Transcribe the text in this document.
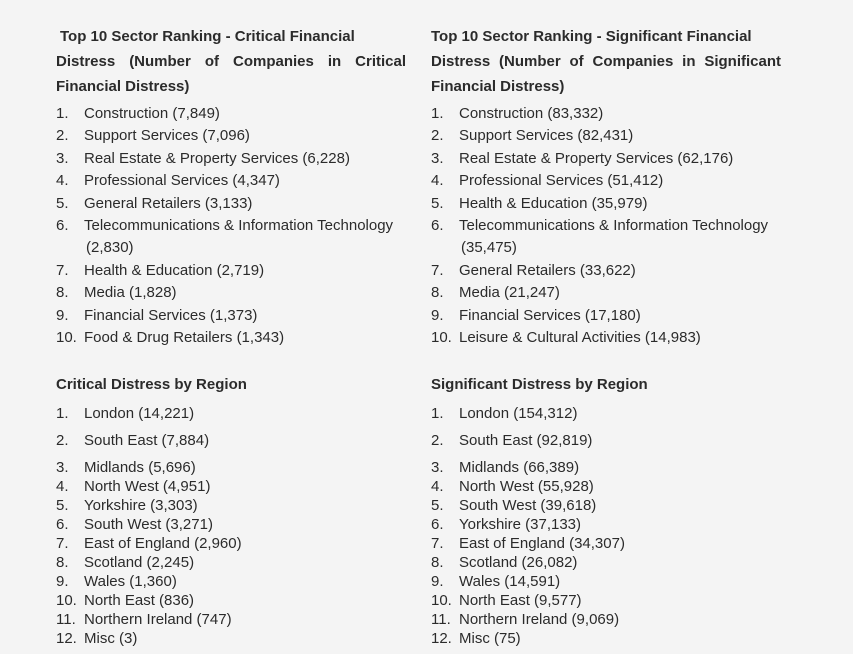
Top 10 Sector Ranking - Critical Financial
Distress (Number of Companies in Critical
Financial Distress)

1. Construction (7,849)
2. Support Services (7,096)
3. Real Estate & Property Services (6,228)
4. Professional Services (4,347)
5. General Retailers (3,133)
6. Telecommunications & Information Technology
(2,830)
7. Health & Education (2,719)
8. Media (1,828)
9. Financial Services (1,373)
10. Food & Drug Retailers (1,343)
Critical Distress by Region
1. London (14,221)
2. South East (7,884)
3. Midlands (5,696)
4. North West (4,951)
5. Yorkshire (3,303)
6. South West (3,271)
7. East of England (2,960)
8. Scotland (2,245)
9. Wales (1,360)
10. North East (836)
11. Northern Ireland (747)
12. Misc (3)

Top 10 Sector Ranking - Significant Financial
Distress (Number of Companies in Significant
Financial Distress)

1. Construction (83,332)
2. Support Services (82,431)
3. Real Estate & Property Services (62,176)
4. Professional Services (51,412)
5. Health & Education (35,979)
6. Telecommunications & Information Technology
(35,475)
7. General Retailers (33,622)
8. Media (21,247)
9. Financial Services (17,180)
10. Leisure & Cultural Activities (14,983)
Significant Distress by Region
1. London (154,312)
2. South East (92,819)
3. Midlands (66,389)
4. North West (55,928)
5. South West (39,618)
6. Yorkshire (37,133)
7. East of England (34,307)
8. Scotland (26,082)
9. Wales (14,591)
10. North East (9,577)
11. Northern Ireland (9,069)
12. Misc (75)
